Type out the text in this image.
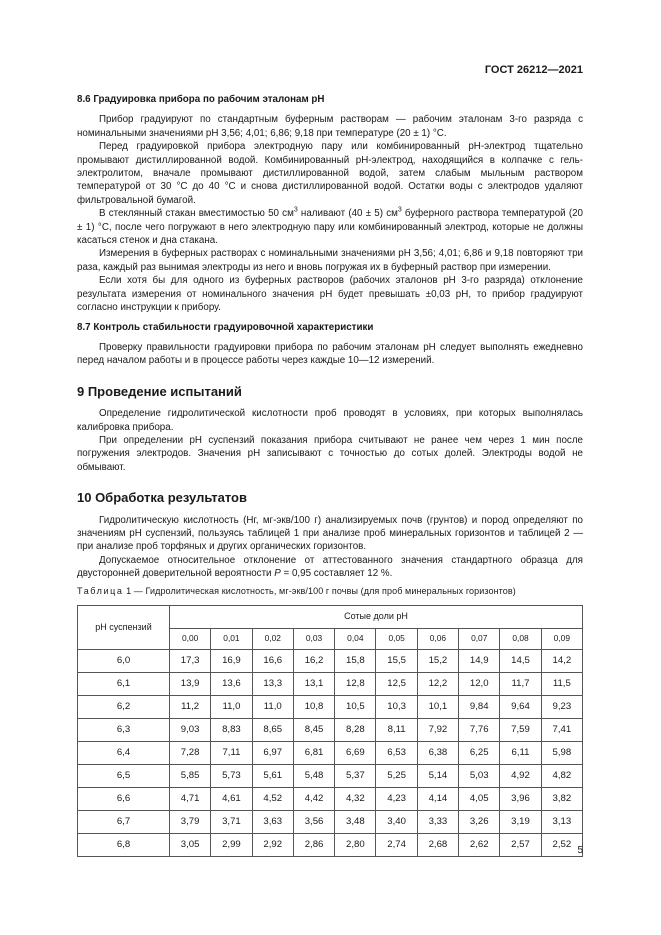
ГОСТ 26212—2021

8.6 Градуировка прибора по рабочим эталонам pH

Прибор градуируют по стандартным буферным растворам — рабочим эталонам 3-го разряда с номинальными значениями pH 3,56; 4,01; 6,86; 9,18 при температуре (20 ± 1) °С.

Перед градуировкой прибора электродную пару или комбинированный pH-электрод тщательно промывают дистиллированной водой. Комбинированный pH-электрод, находящийся в колпачке с гель-электролитом, вначале промывают дистиллированной водой, затем слабым мыльным раствором температурой от 30 °С до 40 °С и снова дистиллированной водой. Остатки воды с электродов удаляют фильтровальной бумагой.

В стеклянный стакан вместимостью 50 $см^3$ наливают (40 ± 5) $см^3$ буферного раствора температурой (20 ± 1) °С, после чего погружают в него электродную пару или комбинированный электрод, которые не должны касаться стенок и дна стакана.

Измерения в буферных растворах с номинальными значениями pH 3,56; 4,01; 6,86 и 9,18 повторяют три раза, каждый раз вынимая электроды из него и вновь погружая их в буферный раствор при измерении.

Если хотя бы для одного из буферных растворов (рабочих эталонов pH 3-го разряда) отклонение результата измерения от номинального значения pH будет превышать ±0,03 pH, то прибор градуируют согласно инструкции к прибору.

8.7 Контроль стабильности градуировочной характеристики

Проверку правильности градуировки прибора по рабочим эталонам pH следует выполнять ежедневно перед началом работы и в процессе работы через каждые 10—12 измерений.

9 Проведение испытаний

Определение гидролитической кислотности проб проводят в условиях, при которых выполнялась калибровка прибора.

При определении pH суспензий показания прибора считывают не ранее чем через 1 мин после погружения электродов. Значения pH записывают с точностью до сотых долей. Электроды водой не обмывают.

10 Обработка результатов

Гидролитическую кислотность (Нг, мг-экв/100 г) анализируемых почв (грунтов) и пород определяют по значениям pH суспензий, пользуясь таблицей 1 при анализе проб минеральных горизонтов и таблицей 2 — при анализе проб торфяных и других органических горизонтов.

Допускаемое относительное отклонение от аттестованного значения стандартного образца для двусторонней доверительной вероятности P = 0,95 составляет 12 %.

Таблица 1 — Гидролитическая кислотность, мг-экв/100 г почвы (для проб минеральных горизонтов)

pH суспензий	Сотые доли pH									
	0,00	0,01	0,02	0,03	0,04	0,05	0,06	0,07	0,08	0,09
6,0	17,3	16,9	16,6	16,2	15,8	15,5	15,2	14,9	14,5	14,2
6,1	13,9	13,6	13,3	13,1	12,8	12,5	12,2	12,0	11,7	11,5
6,2	11,2	11,0	11,0	10,8	10,5	10,3	10,1	9,84	9,64	9,23
6,3	9,03	8,83	8,65	8,45	8,28	8,11	7,92	7,76	7,59	7,41
6,4	7,28	7,11	6,97	6,81	6,69	6,53	6,38	6,25	6,11	5,98
6,5	5,85	5,73	5,61	5,48	5,37	5,25	5,14	5,03	4,92	4,82
6,6	4,71	4,61	4,52	4,42	4,32	4,23	4,14	4,05	3,96	3,82
6,7	3,79	3,71	3,63	3,56	3,48	3,40	3,33	3,26	3,19	3,13
6,8	3,05	2,99	2,92	2,86	2,80	2,74	2,68	2,62	2,57	2,52
5
